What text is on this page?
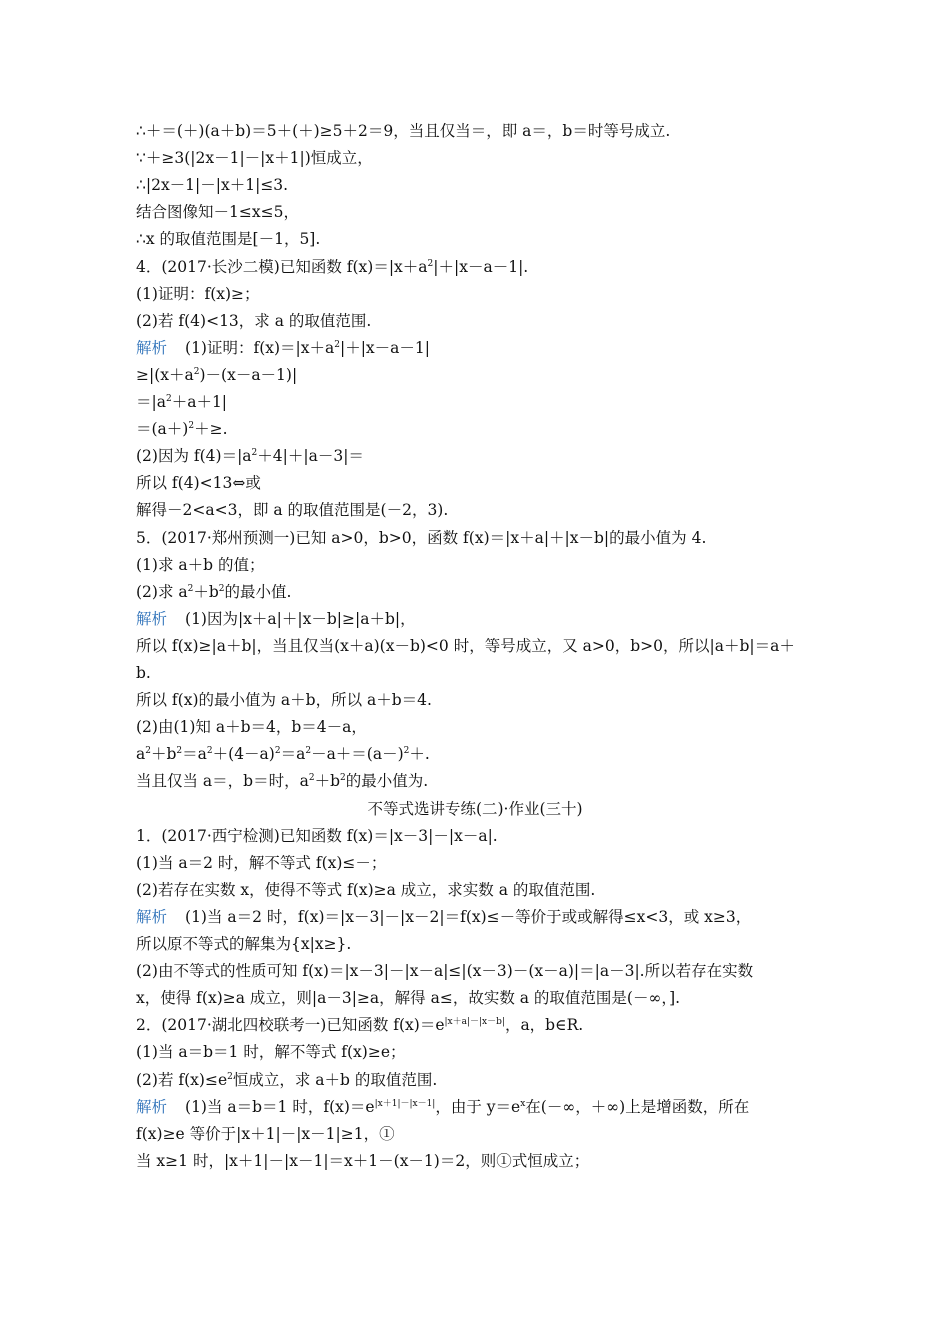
∴＋＝(＋)(a＋b)＝5＋(＋)≥5＋2＝9，当且仅当＝，即 a＝，b＝时等号成立.
∵＋≥3(|2x－1|－|x＋1|)恒成立，
∴|2x－1|－|x＋1|≤3.
结合图像知－1≤x≤5，
∴x 的取值范围是[－1，5].
4．(2017·长沙二模)已知函数 $f(x)=|x+a^2|+|x-a-1|$.
(1)证明：f(x)≥；
(2)若 f(4)<13，求 a 的取值范围.
解析 (1)证明：$f(x)=|x+a^2|+|x-a-1|$
$\ge|(x+a^2)-(x-a-1)|$
$=|a^2+a+1|$
$=(a+)^2+\ge$.
(2)因为 $f(4)=|a^2+4|+|a-3|=$
所以 f(4)<13⇔或
解得－2<a<3，即 a 的取值范围是(－2，3).
5．(2017·郑州预测一)已知 a>0，b>0，函数 f(x)＝|x＋a|＋|x－b|的最小值为 4.
(1)求 a＋b 的值；
(2)求 $a^2+b^2$的最小值.
解析 (1)因为|x＋a|＋|x－b|≥|a＋b|，
所以 f(x)≥|a＋b|，当且仅当(x＋a)(x－b)<0 时，等号成立，又 a>0，b>0，所以|a＋b|＝a＋
b.
所以 f(x)的最小值为 a＋b，所以 a＋b＝4.
(2)由(1)知 a＋b＝4，b＝4－a，
$a^2+b^2=a^2+(4-a)^2=a^2-a+=(a-)^2+$.
当且仅当 a＝，b＝时，$a^2+b^2$的最小值为.
不等式选讲专练(二)·作业(三十)
1．(2017·西宁检测)已知函数 f(x)＝|x－3|－|x－a|.
(1)当 a＝2 时，解不等式 f(x)≤－；
(2)若存在实数 x，使得不等式 f(x)≥a 成立，求实数 a 的取值范围.
解析 (1)当 a＝2 时，f(x)＝|x－3|－|x－2|＝f(x)≤－等价于或或解得≤x<3，或 x≥3，
所以原不等式的解集为{x|x≥}.
(2)由不等式的性质可知 f(x)＝|x－3|－|x－a|≤|(x－3)－(x－a)|＝|a－3|.所以若存在实数
x，使得 f(x)≥a 成立，则|a－3|≥a，解得 a≤，故实数 a 的取值范围是(－∞，].
2．(2017·湖北四校联考一)已知函数 $f(x)=e^{|x+a|-|x-b|}$，a，b∈R.
(1)当 a＝b＝1 时，解不等式 f(x)≥e；
(2)若 $f(x)\le e^2$恒成立，求 a＋b 的取值范围.
解析 (1)当 a＝b＝1 时，$f(x)=e^{|x+1|-|x-1|}$，由于 $y=e^x$在(－∞，＋∞)上是增函数，所在
f(x)≥e 等价于|x＋1|－|x－1|≥1，①
当 x≥1 时，|x＋1|－|x－1|＝x＋1－(x－1)＝2，则①式恒成立；
